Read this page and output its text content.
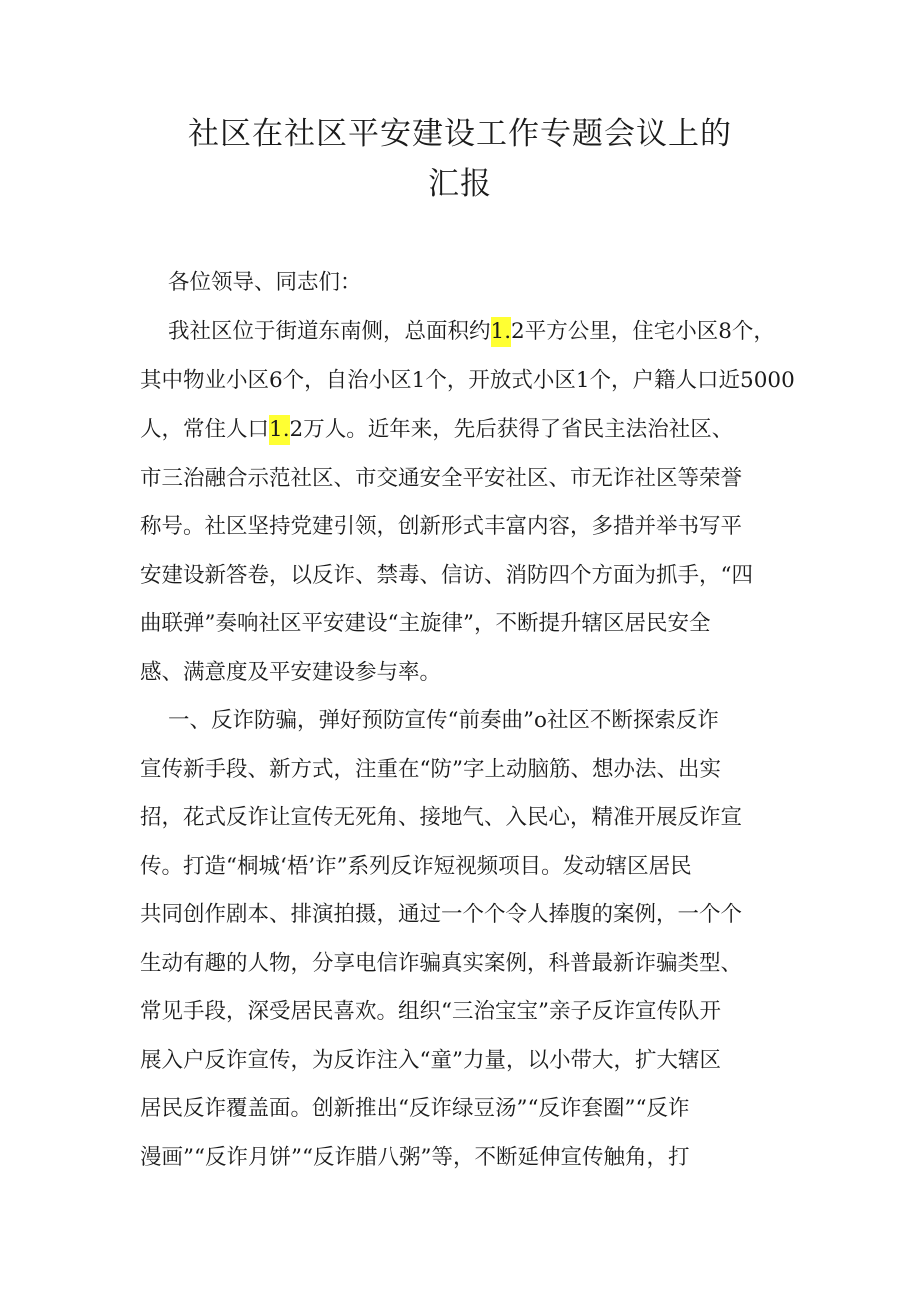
社区在社区平安建设工作专题会议上的
汇报
各位领导、同志们：
我社区位于街道东南侧，总面积约 1. 2平方公里，住宅小区8个，
其中物业小区6个，自治小区1个，开放式小区1个，户籍人口近5000
人，常住人口 1. 2万人。近年来，先后获得了省民主法治社区、
市三治融合示范社区、市交通安全平安社区、市无诈社区等荣誉
称号。社区坚持党建引领，创新形式丰富内容，多措并举书写平
安建设新答卷，以反诈、禁毒、信访、消防四个方面为抓手，“四
曲联弹”奏响社区平安建设“主旋律”，不断提升辖区居民安全
感、满意度及平安建设参与率。
一、反诈防骗，弹好预防宣传“前奏曲”o社区不断探索反诈
宣传新手段、新方式，注重在“防”字上动脑筋、想办法、出实
招，花式反诈让宣传无死角、接地气、入民心，精准开展反诈宣
传。打造“桐城‘梧’诈”系列反诈短视频项目。发动辖区居民
共同创作剧本、排演拍摄，通过一个个令人捧腹的案例，一个个
生动有趣的人物，分享电信诈骗真实案例，科普最新诈骗类型、
常见手段，深受居民喜欢。组织“三治宝宝”亲子反诈宣传队开
展入户反诈宣传，为反诈注入“童”力量，以小带大，扩大辖区
居民反诈覆盖面。创新推出“反诈绿豆汤”“反诈套圈”“反诈
漫画”“反诈月饼”“反诈腊八粥”等，不断延伸宣传触角，打
